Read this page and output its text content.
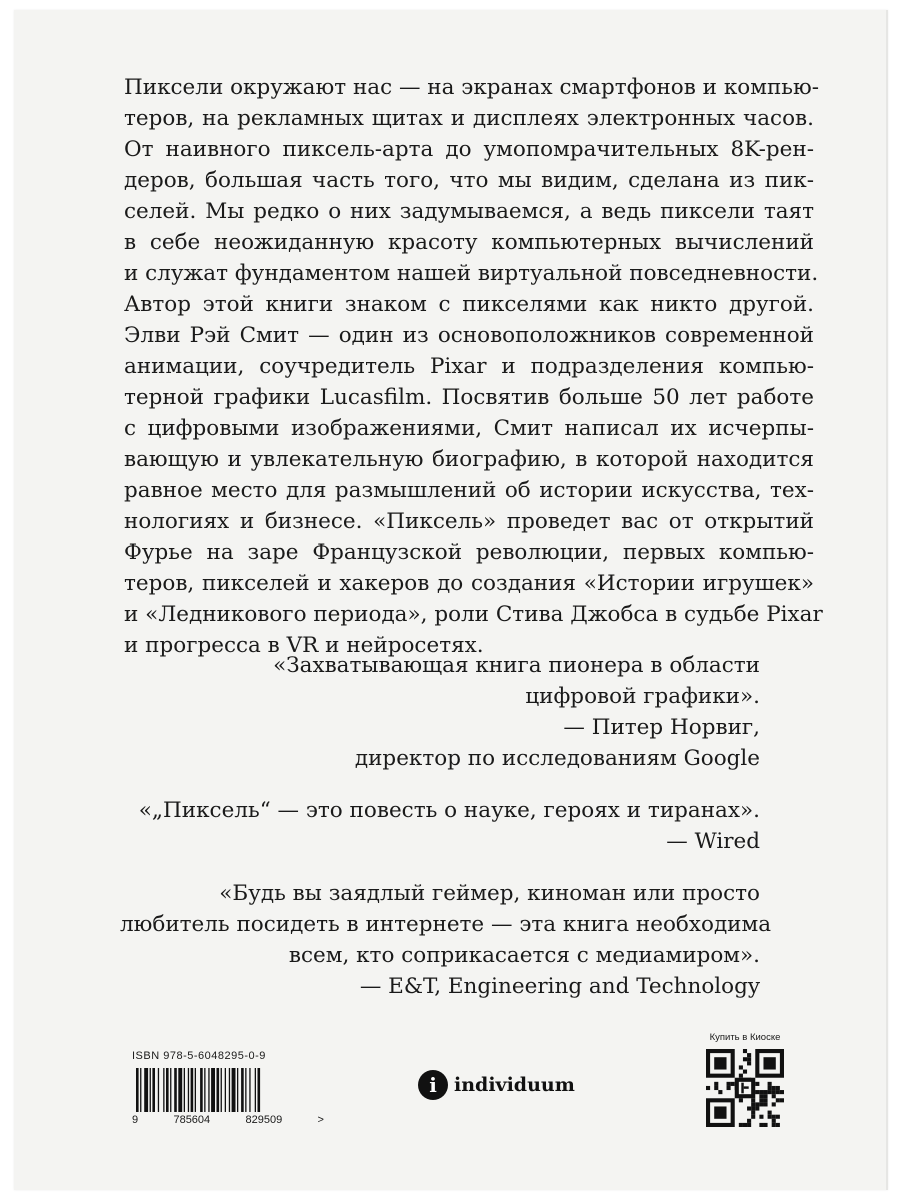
Пиксели окружают нас — на экранах смартфонов и компью-
теров, на рекламных щитах и дисплеях электронных часов.
От наивного пиксель-арта до умопомрачительных 8K-рен-
деров, большая часть того, что мы видим, сделана из пик-
селей. Мы редко о них задумываемся, а ведь пиксели таят
в себе неожиданную красоту компьютерных вычислений
и служат фундаментом нашей виртуальной повседневности.
Автор этой книги знаком с пикселями как никто другой.
Элви Рэй Смит — один из основоположников современной
анимации, соучредитель Pixar и подразделения компью-
терной графики Lucasfilm. Посвятив больше 50 лет работе
с цифровыми изображениями, Смит написал их исчерпы-
вающую и увлекательную биографию, в которой находится
равное место для размышлений об истории искусства, тех-
нологиях и бизнесе. «Пиксель» проведет вас от открытий
Фурье на заре Французской революции, первых компью-
теров, пикселей и хакеров до создания «Истории игрушек»
и «Ледникового периода», роли Стива Джобса в судьбе Pixar
и прогресса в VR и нейросетях.
«Захватывающая книга пионера в области
цифровой графики».
— Питер Норвиг,
директор по исследованиям Google
«„Пиксель“ — это повесть о науке, героях и тиранах».
— Wired
«Будь вы заядлый геймер, киноман или просто
любитель посидеть в интернете — эта книга необходима
всем, кто соприкасается с медиамиром».
— E&T, Engineering and Technology
ISBN 978-5-6048295-0-9
9	785604	829509	>
i individuum
Купить в Киоске
